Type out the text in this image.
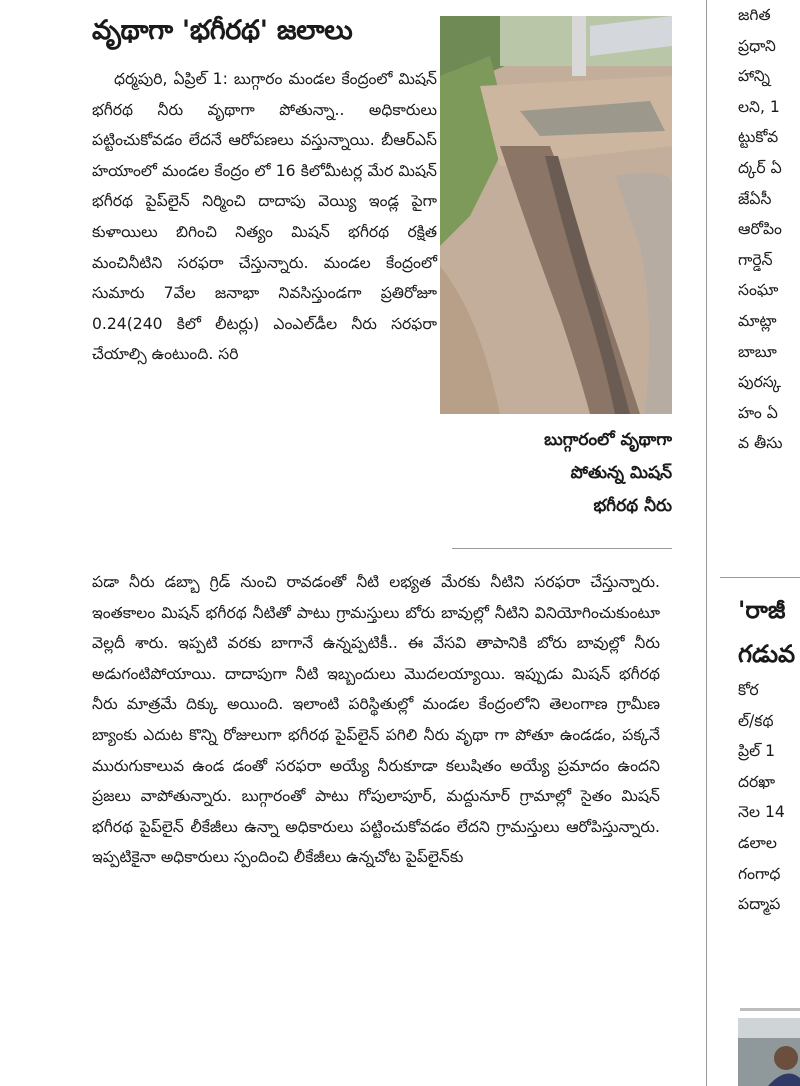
వృథాగా 'భగీరథ' జలాలు

ధర్మపురి, ఏప్రిల్ 1: బుగ్గారం మండల కేంద్రంలో మిషన్ భగీరథ నీరు వృథాగా పోతున్నా.. అధికారులు పట్టించుకోవడం లేదనే ఆరోపణలు వస్తున్నాయి. బీఆర్ఎస్ హయాంలో మండల కేంద్రం లో 16 కిలోమీటర్ల మేర మిషన్ భగీరథ పైప్‌లైన్ నిర్మించి దాదాపు వెయ్యి ఇండ్ల పైగా కుళాయిలు బిగించి నిత్యం మిషన్ భగీరథ రక్షిత మంచినీటిని సరఫరా చేస్తున్నారు. మండల కేంద్రంలో సుమారు 7వేల జనాభా నివసిస్తుండగా ప్రతిరోజూ 0.24(240 కిలో లీటర్లు) ఎంఎల్‌డీల నీరు సరఫరా చేయాల్సి ఉంటుంది. సరి

బుగ్గారంలో వృథాగా
పోతున్న మిషన్
భగీరథ నీరు

పడా నీరు డబ్బా గ్రిడ్ నుంచి రావడంతో నీటి లభ్యత మేరకు నీటిని సరఫరా చేస్తున్నారు. ఇంతకాలం మిషన్ భగీరథ నీటితో పాటు గ్రామస్తులు బోరు బావుల్లో నీటిని వినియోగించుకుంటూ వెల్లదీ శారు. ఇప్పటి వరకు బాగానే ఉన్నప్పటికీ.. ఈ వేసవి తాపానికి బోరు బావుల్లో నీరు అడుగంటిపోయాయి. దాదాపుగా నీటి ఇబ్బందులు మొదలయ్యాయి. ఇప్పుడు మిషన్ భగీరథ నీరు మాత్రమే దిక్కు అయింది. ఇలాంటి పరిస్థితుల్లో మండల కేంద్రంలోని తెలంగాణ గ్రామీణ బ్యాంకు ఎదుట కొన్ని రోజులుగా భగీరథ పైప్‌లైన్ పగిలి నీరు వృథా గా పోతూ ఉండడం, పక్కనే మురుగుకాలువ ఉండ డంతో సరఫరా అయ్యే నీరుకూడా కలుషితం అయ్యే ప్రమాదం ఉందని ప్రజలు వాపోతున్నారు. బుగ్గారంతో పాటు గోపులాపూర్, మద్దునూర్ గ్రామాల్లో సైతం మిషన్ భగీరథ పైప్‌లైన్ లీకేజీలు ఉన్నా అధికారులు పట్టించుకోవడం లేదని గ్రామస్తులు ఆరోపిస్తున్నారు. ఇప్పటికైనా అధికారులు స్పందించి లీకేజీలు ఉన్నచోట పైప్‌లైన్‌కు

జగిత
ప్రధాని
హాన్ని
లని, 1
ట్టుకోవ
ద్కర్ ఏ
జేఏసీ
ఆరోపిం
గార్డెన్
సంఘా
మాట్లా
బాబూ
పురస్క
హం ఏ
వ తీసు
'రాజీ
గడువ
కోర
ల్/కథ
ప్రిల్ 1
దరఖా
నెల 14
డలాల
గంగాధ
పద్మాప
